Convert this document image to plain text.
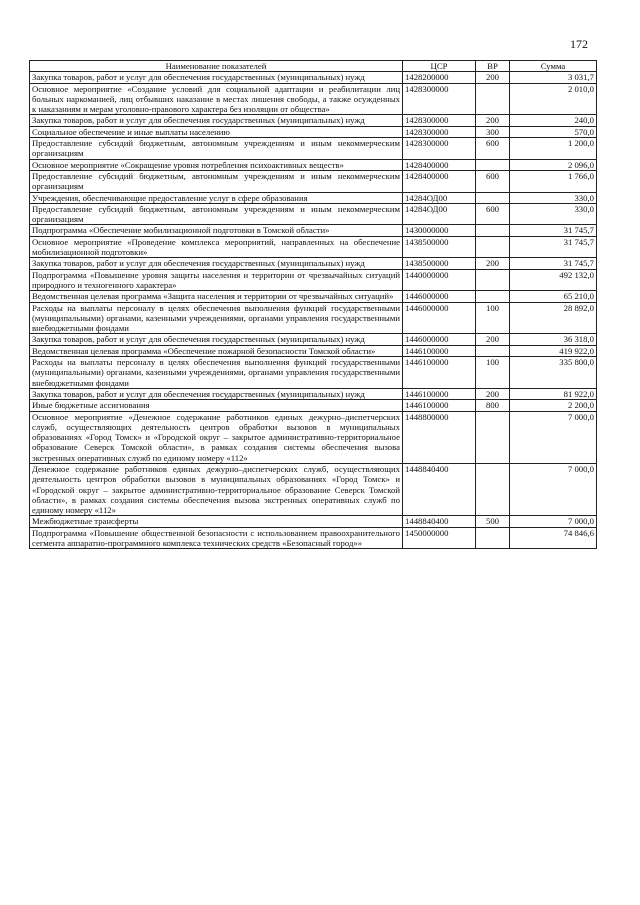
172
Наименование показателей	ЦСР	ВР	Сумма
Закупка товаров, работ и услуг для обеспечения государственных (муниципальных) нужд	1428200000	200	3 031,7
Основное мероприятие «Создание условий для социальной адаптации и реабилитации лиц больных наркоманией, лиц отбывших наказание в местах лишения свободы, а также осужденных к наказаниям и мерам уголовно-правового характера без изоляции от общества»	1428300000		2 010,0
Закупка товаров, работ и услуг для обеспечения государственных (муниципальных) нужд	1428300000	200	240,0
Социальное обеспечение и иные выплаты населению	1428300000	300	570,0
Предоставление субсидий бюджетным, автономным учреждениям и иным некоммерческим организациям	1428300000	600	1 200,0
Основное мероприятие «Сокращение уровня потребления психоактивных веществ»	1428400000		2 096,0
Предоставление субсидий бюджетным, автономным учреждениям и иным некоммерческим организациям	1428400000	600	1 766,0
Учреждения, обеспечивающие предоставление услуг в сфере образования	14284ОД00		330,0
Предоставление субсидий бюджетным, автономным учреждениям и иным некоммерческим организациям	14284ОД00	600	330,0
Подпрограмма «Обеспечение мобилизационной подготовки в Томской области»	1430000000		31 745,7
Основное мероприятие «Проведение комплекса мероприятий, направленных на обеспечение мобилизационной подготовки»	1438500000		31 745,7
Закупка товаров, работ и услуг для обеспечения государственных (муниципальных) нужд	1438500000	200	31 745,7
Подпрограмма «Повышение уровня защиты населения и территории от чрезвычайных ситуаций природного и техногенного характера»	1440000000		492 132,0
Ведомственная целевая программа «Защита населения и территории от чрезвычайных ситуаций»	1446000000		65 210,0
Расходы на выплаты персоналу в целях обеспечения выполнения функций государственными (муниципальными) органами, казенными учреждениями, органами управления государственными внебюджетными фондами	1446000000	100	28 892,0
Закупка товаров, работ и услуг для обеспечения государственных (муниципальных) нужд	1446000000	200	36 318,0
Ведомственная целевая программа «Обеспечение пожарной безопасности Томской области»	1446100000		419 922,0
Расходы на выплаты персоналу в целях обеспечения выполнения функций государственными (муниципальными) органами, казенными учреждениями, органами управления государственными внебюджетными фондами	1446100000	100	335 800,0
Закупка товаров, работ и услуг для обеспечения государственных (муниципальных) нужд	1446100000	200	81 922,0
Иные бюджетные ассигнования	1446100000	800	2 200,0
Основное мероприятие «Денежное содержание работников единых дежурно–диспетчерских служб, осуществляющих деятельность центров обработки вызовов в муниципальных образованиях «Город Томск» и «Городской округ – закрытое административно-территориальное образование Северск Томской области», в рамках создания системы обеспечения вызова экстренных оперативных служб по единому номеру «112»	1448800000		7 000,0
Денежное содержание работников единых дежурно–диспетчерских служб, осуществляющих деятельность центров обработки вызовов в муниципальных образованиях «Город Томск» и «Городской округ – закрытое административно-территориальное образование Северск Томской области», в рамках создания системы обеспечения вызова экстренных оперативных служб по единому номеру «112»	1448840400		7 000,0
Межбюджетные трансферты	1448840400	500	7 000,0
Подпрограмма «Повышение общественной безопасности с использованием правоохранительного сегмента аппаратно-программного комплекса технических средств «Безопасный город»»	1450000000		74 846,6
